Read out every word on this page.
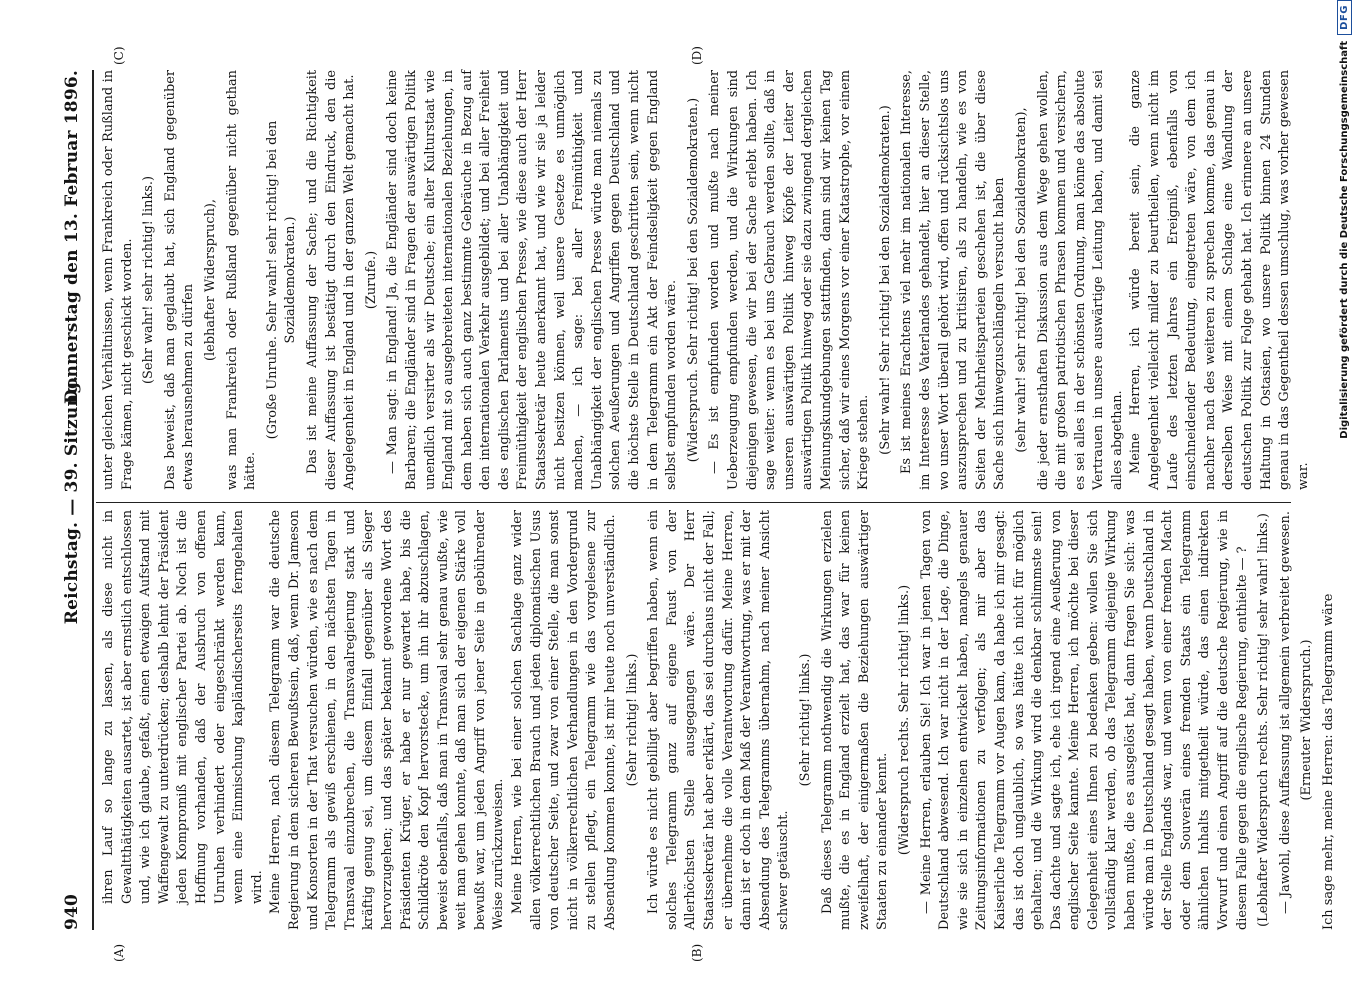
940
Reichstag. — 39. Sitzung.
Donnerstag den 13. Februar 1896.

ihren Lauf so lange zu lassen, als diese nicht in Gewaltthätigkeiten ausartet, ist aber ernstlich entschlossen und, wie ich glaube, gefaßt, einen etwaigen Aufstand mit Waffengewalt zu unterdrücken; deshalb lehnt der Präsident jeden Kompromiß mit englischer Partei ab. Noch ist die Hoffnung vorhanden, daß der Ausbruch von offenen Unruhen verhindert oder eingeschränkt werden kann, wenn eine Einmischung kapländischerseits ferngehalten wird. Meine Herren, nach diesem Telegramm war die deutsche Regierung in dem sicheren Bewußtsein, daß, wenn Dr. Jameson und Konsorten in der That versuchen würden, wie es nach dem Telegramm als gewiß erschienen, in den nächsten Tagen in Transvaal einzubrechen, die Transvaalregierung stark und kräftig genug sei, um diesem Einfall gegenüber als Sieger hervorzugehen; und das später bekannt gewordene Wort des Präsidenten Krüger, er habe er nur gewartet habe, bis die Schildkröte den Kopf hervorstecke, um ihn ihr abzuschlagen, beweist ebenfalls, daß man in Transvaal sehr genau wußte, wie weit man gehen konnte, daß man sich der eigenen Stärke voll bewußt war, um jeden Angriff von jener Seite in gebührender Weise zurückzuweisen. Meine Herren, wie bei einer solchen Sachlage ganz wider allen völkerrechtlichen Brauch und jeden diplomatischen Usus von deutscher Seite, und zwar von einer Stelle, die man sonst nicht in völkerrechtlichen Verhandlungen in den Vordergrund zu stellen pflegt, ein Telegramm wie das vorgelesene zur Absendung kommen konnte, ist mir heute noch unverständlich. (Sehr richtig! links.) Ich würde es nicht gebilligt aber begriffen haben, wenn ein solches Telegramm ganz auf eigene Faust von der Allerhöchsten Stelle ausgegangen wäre. Der Herr Staatssekretär hat aber erklärt, das sei durchaus nicht der Fall; er übernehme die volle Verantwortung dafür. Meine Herren, dann ist er doch in dem Maß der Verantwortung, was er mit der Absendung des Telegramms übernahm, nach meiner Ansicht schwer getäuscht.

(Sehr richtig! links.) Daß dieses Telegramm nothwendig die Wirkungen erzielen mußte, die es in England erzielt hat, das war für keinen zweifelhaft, der einigermaßen die Beziehungen auswärtiger Staaten zu einander kennt. (Widerspruch rechts. Sehr richtig! links.) — Meine Herren, erlauben Sie! Ich war in jenen Tagen von Deutschland abwesend. Ich war nicht in der Lage, die Dinge, wie sie sich in einzelnen entwickelt haben, mangels genauer Zeitungsinformationen zu verfolgen; als mir aber das Kaiserliche Telegramm vor Augen kam, da habe ich mir gesagt: das ist doch unglaublich, so was hätte ich nicht für möglich gehalten; und die Wirkung wird die denkbar schlimmste sein! Das dachte und sagte ich, ehe ich irgend eine Aeußerung von englischer Seite kannte. Meine Herren, ich möchte bei dieser Gelegenheit eines Ihnen zu bedenken geben: wollen Sie sich vollständig klar werden, ob das Telegramm diejenige Wirkung haben mußte, die es ausgelöst hat, dann fragen Sie sich: was würde man in Deutschland gesagt haben, wenn Deutschland in der Stelle Englands war, und wenn von einer fremden Macht oder dem Souverän eines fremden Staats ein Telegramm ähnlichen Inhalts mitgetheilt würde, das einen indirekten Vorwurf und einen Angriff auf die deutsche Regierung, wie in diesem Falle gegen die englische Regierung, enthielte — ? (Lebhafter Widerspruch rechts. Sehr richtig! sehr wahr! links.) — Jawohl, diese Auffassung ist allgemein verbreitet gewesen. (Erneuter Widerspruch.) Ich sage mehr, meine Herren: das Telegramm wäre

unter gleichen Verhältnissen, wenn Frankreich oder Rußland in Frage kämen, nicht geschickt worden. (Sehr wahr! sehr richtig! links.) Das beweist, daß man geglaubt hat, sich England gegenüber etwas herausnehmen zu dürfen

(lebhafter Widerspruch), was man Frankreich oder Rußland gegenüber nicht gethan hätte.

(Große Unruhe. Sehr wahr! sehr richtig! bei den Sozialdemokraten.) Das ist meine Auffassung der Sache; und die Richtigkeit dieser Auffassung ist bestätigt durch den Eindruck, den die Angelegenheit in England und in der ganzen Welt gemacht hat. (Zurufe.) — Man sagt: in England! Ja, die Engländer sind doch keine Barbaren; die Engländer sind in Fragen der auswärtigen Politik unendlich versirter als wir Deutsche; ein alter Kulturstaat wie England mit so ausgebreiteten internationalen Beziehungen, in dem haben sich auch ganz bestimmte Gebräuche in Bezug auf den internationalen Verkehr ausgebildet; und bei aller Freiheit des englischen Parlaments und bei aller Unabhängigkeit und Freimüthigkeit der englischen Presse, wie diese auch der Herr Staatssekretär heute anerkannt hat, und wie wir sie ja leider nicht besitzen können, weil unsere Gesetze es unmöglich machen, — ich sage: bei aller Freimüthigkeit und Unabhängigkeit der englischen Presse würde man niemals zu solchen Aeußerungen und Angriffen gegen Deutschland und die höchste Stelle in Deutschland geschritten sein, wenn nicht in dem Telegramm ein Akt der Feindseligkeit gegen England selbst empfunden worden wäre. (Widerspruch. Sehr richtig! bei den Sozialdemokraten.) — Es ist empfunden worden und mußte nach meiner Ueberzeugung empfunden werden, und die Wirkungen sind diejenigen gewesen, die wir bei der Sache erlebt haben. Ich sage weiter: wenn es bei uns Gebrauch werden sollte, daß in unseren auswärtigen Politik hinweg Köpfe der Leiter der auswärtigen Politik hinweg oder sie dazu zwingend dergleichen Meinungskundgebungen stattfinden, dann sind wir keinen Tag sicher, daß wir eines Morgens vor einer Katastrophe, vor einem Kriege stehen. (Sehr wahr! Sehr richtig! bei den Sozialdemokraten.) Es ist meines Erachtens viel mehr im nationalen Interesse, im Interesse des Vaterlandes gehandelt, hier an dieser Stelle, wo unser Wort überall gehört wird, offen und rücksichtslos uns auszusprechen und zu kritisiren, als zu handeln, wie es von Seiten der Mehrheitsparteien geschehen ist, die über diese Sache sich hinwegzuschlängeln versucht haben (sehr wahr! sehr richtig! bei den Sozialdemokraten), die jeder ernsthaften Diskussion aus dem Wege gehen wollen, die mit großen patriotischen Phrasen kommen und versichern, es sei alles in der schönsten Ordnung, man könne das absolute Vertrauen in unsere auswärtige Leitung haben, und damit sei alles abgethan. Meine Herren, ich würde bereit sein, die ganze Angelegenheit vielleicht milder zu beurtheilen, wenn nicht im Laufe des letzten Jahres ein Ereigniß, ebenfalls von einschneidender Bedeutung, eingetreten wäre, von dem ich nachher nach des weiteren zu sprechen komme, das genau in derselben Weise mit einem Schlage eine Wandlung der deutschen Politik zur Folge gehabt hat. Ich erinnere an unsere Haltung in Ostasien, wo unsere Politik binnen 24 Stunden genau in das Gegentheil dessen umschlug, was vorher gewesen war.

(A)	(B)
(C)	(D)	Digitalisierung gefördert durch die Deutsche Forschungsgemeinschaft
DFG
